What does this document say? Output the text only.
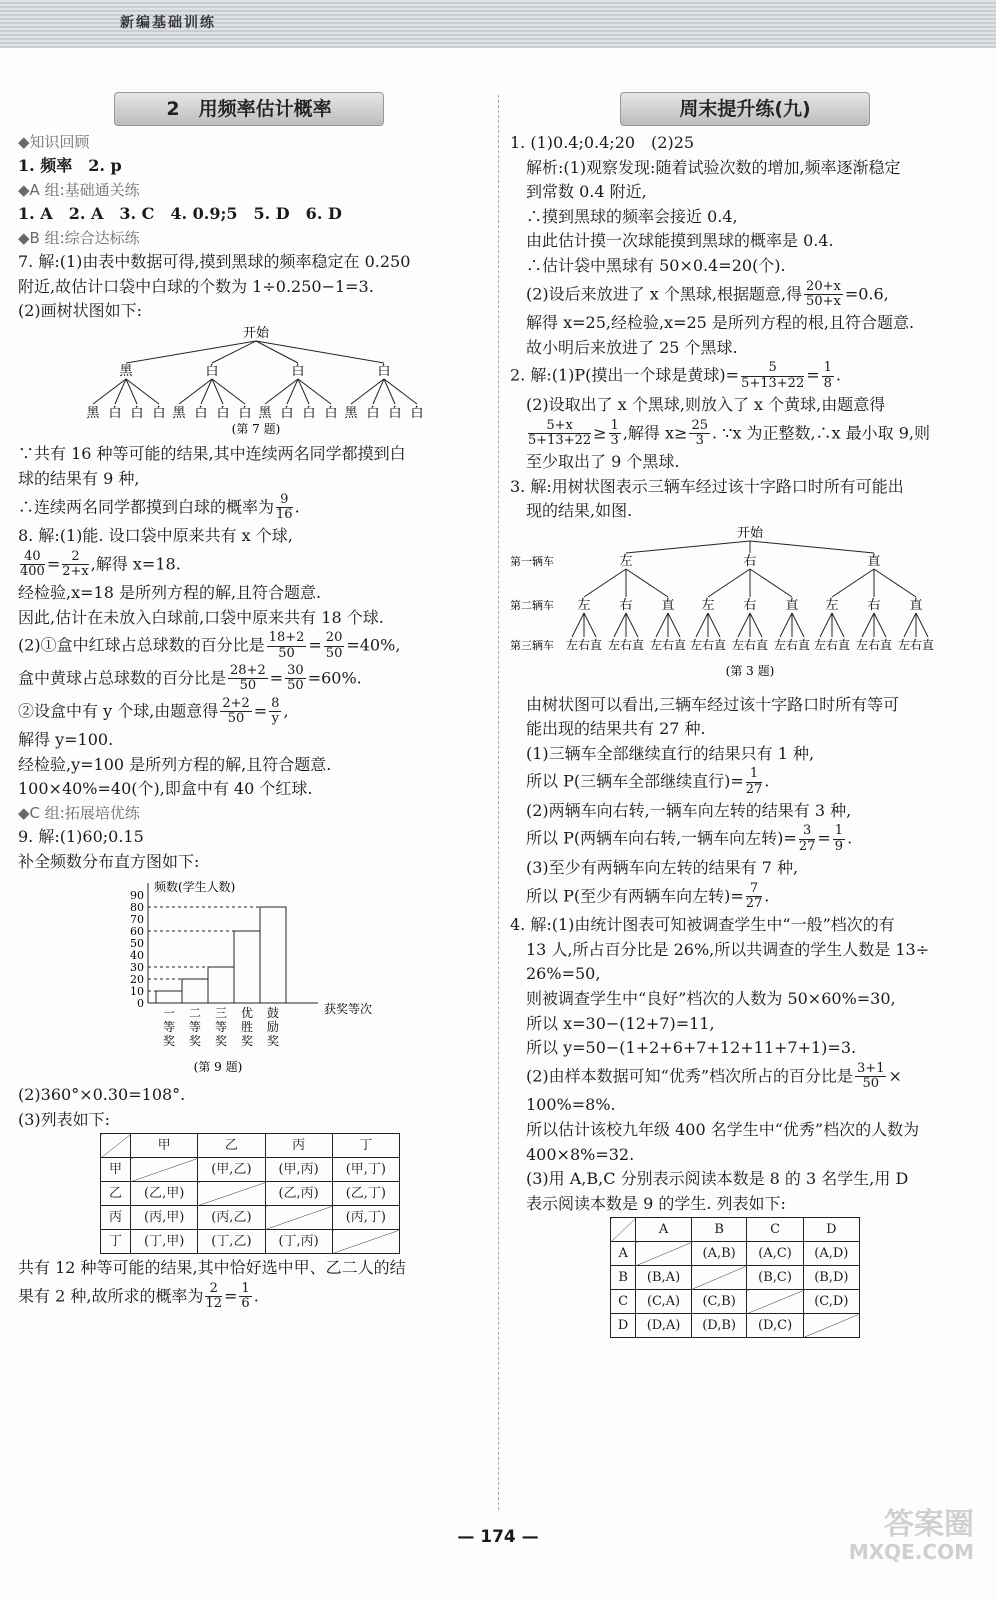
新编基础训练
2　 用频率估计概率
◆知识回顾
1. 频率　2. p
◆A 组:基础通关练
1. A　2. A　3. C　4. 0.9;5　5. D　6. D
◆B 组:综合达标练
7. 解:(1)由表中数据可得,摸到黑球的频率稳定在 0.250
附近,故估计口袋中白球的个数为 1÷0.250−1=3.
(2)画树状图如下:
开始
黑
黑 白 白 白
白
黑 白 白 白
白
黑 白 白 白
白
黑 白 白 白
(第 7 题)
∵共有 16 种等可能的结果,其中连续两名同学都摸到白
球的结果有 9 种,
∴连续两名同学都摸到白球的概率为 $\frac{9}{16}$ .
8. 解:(1)能. 设口袋中原来共有 x 个球,
$\frac{40}{400} = \frac{2}{2+x}$ ,解得 x=18.
经检验,x=18 是所列方程的解,且符合题意.
因此,估计在未放入白球前,口袋中原来共有 18 个球.
(2)①盒中红球占总球数的百分比是 $\frac{18+2}{50} = \frac{20}{50} =40\%$,
盒中黄球占总球数的百分比是 $\frac{28+2}{50} = \frac{30}{50} =60\%$.
②设盒中有 y 个球,由题意得 $\frac{2+2}{50} = \frac{8}{y}$ ,
解得 y=100.
经检验,y=100 是所列方程的解,且符合题意.
100×40%=40(个),即盒中有 40 个红球.
◆C 组:拓展培优练
9. 解:(1)60;0.15
补全频数分布直方图如下:
频数(学生人数)
获奖等次
0
10
20
30
40
50
60
70
80
90
一
等
奖
二
等
奖
三
等
奖
优
胜
奖
鼓
励
奖
(第 9 题)
(2)360°×0.30=108°.
(3)列表如下:
	甲	乙	丙	丁
甲		(甲,乙)	(甲,丙)	(甲,丁)
乙	(乙,甲)		(乙,丙)	(乙,丁)
丙	(丙,甲)	(丙,乙)		(丙,丁)
丁	(丁,甲)	(丁,乙)	(丁,丙)	
共有 12 种等可能的结果,其中恰好选中甲、乙二人的结
果有 2 种,故所求的概率为 $\frac{2}{12} = \frac{1}{6}$ .
周末提升练(九)
1. (1)0.4;0.4;20　(2)25
解析:(1)观察发现:随着试验次数的增加,频率逐渐稳定
到常数 0.4 附近,
∴摸到黑球的频率会接近 0.4,
由此估计摸一次球能摸到黑球的概率是 0.4.
∴估计袋中黑球有 50×0.4=20(个).
(2)设后来放进了 x 个黑球,根据题意,得 $\frac{20+x}{50+x} =0.6$,
解得 x=25,经检验,x=25 是所列方程的根,且符合题意.
故小明后来放进了 25 个黑球.
2. 解:(1)P(摸出一个球是黄球)= $\frac{5}{5+13+22} = \frac{1}{8}$ .
(2)设取出了 x 个黑球,则放入了 x 个黄球,由题意得
$\frac{5+x}{5+13+22} \ge \frac{1}{3}$ ,解得 $x\ge \frac{25}{3}$ . ∵x 为正整数,∴x 最小取 9,则
至少取出了 9 个黑球.
3. 解:用树状图表示三辆车经过该十字路口时所有可能出
现的结果,如图.
开始
第一辆车
第二辆车
第三辆车
左
左
左 右 直
右
左 右 直
直
左 右 直
右
左
左 右 直
右
左 右 直
直
左 右 直
直
左
左 右 直
右
左 右 直
直
左 右 直
(第 3 题)
由树状图可以看出,三辆车经过该十字路口时所有等可
能出现的结果共有 27 种.
(1)三辆车全部继续直行的结果只有 1 种,
所以 P(三辆车全部继续直行)= $\frac{1}{27}$ .
(2)两辆车向右转,一辆车向左转的结果有 3 种,
所以 P(两辆车向右转,一辆车向左转)= $\frac{3}{27} = \frac{1}{9}$ .
(3)至少有两辆车向左转的结果有 7 种,
所以 P(至少有两辆车向左转)= $\frac{7}{27}$ .
4. 解:(1)由统计图表可知被调查学生中“一般”档次的有
13 人,所占百分比是 26%,所以共调查的学生人数是 13÷
26%=50,
则被调查学生中“良好”档次的人数为 50×60%=30,
所以 x=30−(12+7)=11,
所以 y=50−(1+2+6+7+12+11+7+1)=3.
(2)由样本数据可知“优秀”档次所占的百分比是 $\frac{3+1}{50}$ ×
100%=8%.
所以估计该校九年级 400 名学生中“优秀”档次的人数为
400×8%=32.
(3)用 A,B,C 分别表示阅读本数是 8 的 3 名学生,用 D
表示阅读本数是 9 的学生. 列表如下:
	A	B	C	D
A		(A,B)	(A,C)	(A,D)
B	(B,A)		(B,C)	(B,D)
C	(C,A)	(C,B)		(C,D)
D	(D,A)	(D,B)	(D,C)	
— 174 —	答案圈
MXQE.COM
